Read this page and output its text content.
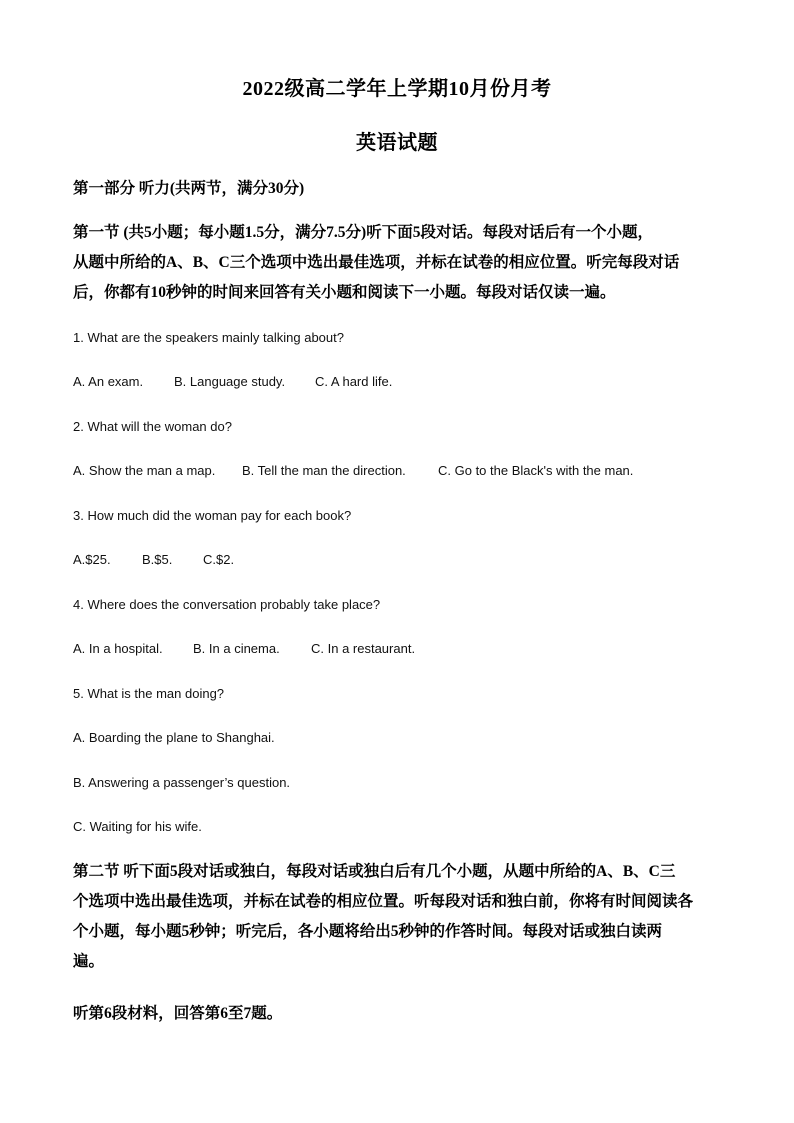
2022级高二学年上学期10月份月考
英语试题
第一部分 听力(共两节，满分30分)
第一节 (共5小题；每小题1.5分，满分7.5分)听下面5段对话。每段对话后有一个小题，
从题中所给的A、B、C三个选项中选出最佳选项，并标在试卷的相应位置。听完每段对话
后，你都有10秒钟的时间来回答有关小题和阅读下一小题。每段对话仅读一遍。
1. What are the speakers mainly talking about?
A. An exam. B. Language study. C. A hard life.
2. What will the woman do?
A. Show the man a map. B. Tell the man the direction. C. Go to the Black's with the man.
3. How much did the woman pay for each book?
A.$25. B.$5. C.$2.
4. Where does the conversation probably take place?
A. In a hospital. B. In a cinema. C. In a restaurant.
5. What is the man doing?
A. Boarding the plane to Shanghai.
B. Answering a passenger’s question.
C. Waiting for his wife.
第二节 听下面5段对话或独白，每段对话或独白后有几个小题，从题中所给的A、B、C三
个选项中选出最佳选项，并标在试卷的相应位置。听每段对话和独白前，你将有时间阅读各
个小题，每小题5秒钟；听完后，各小题将给出5秒钟的作答时间。每段对话或独白读两
遍。
听第6段材料，回答第6至7题。
